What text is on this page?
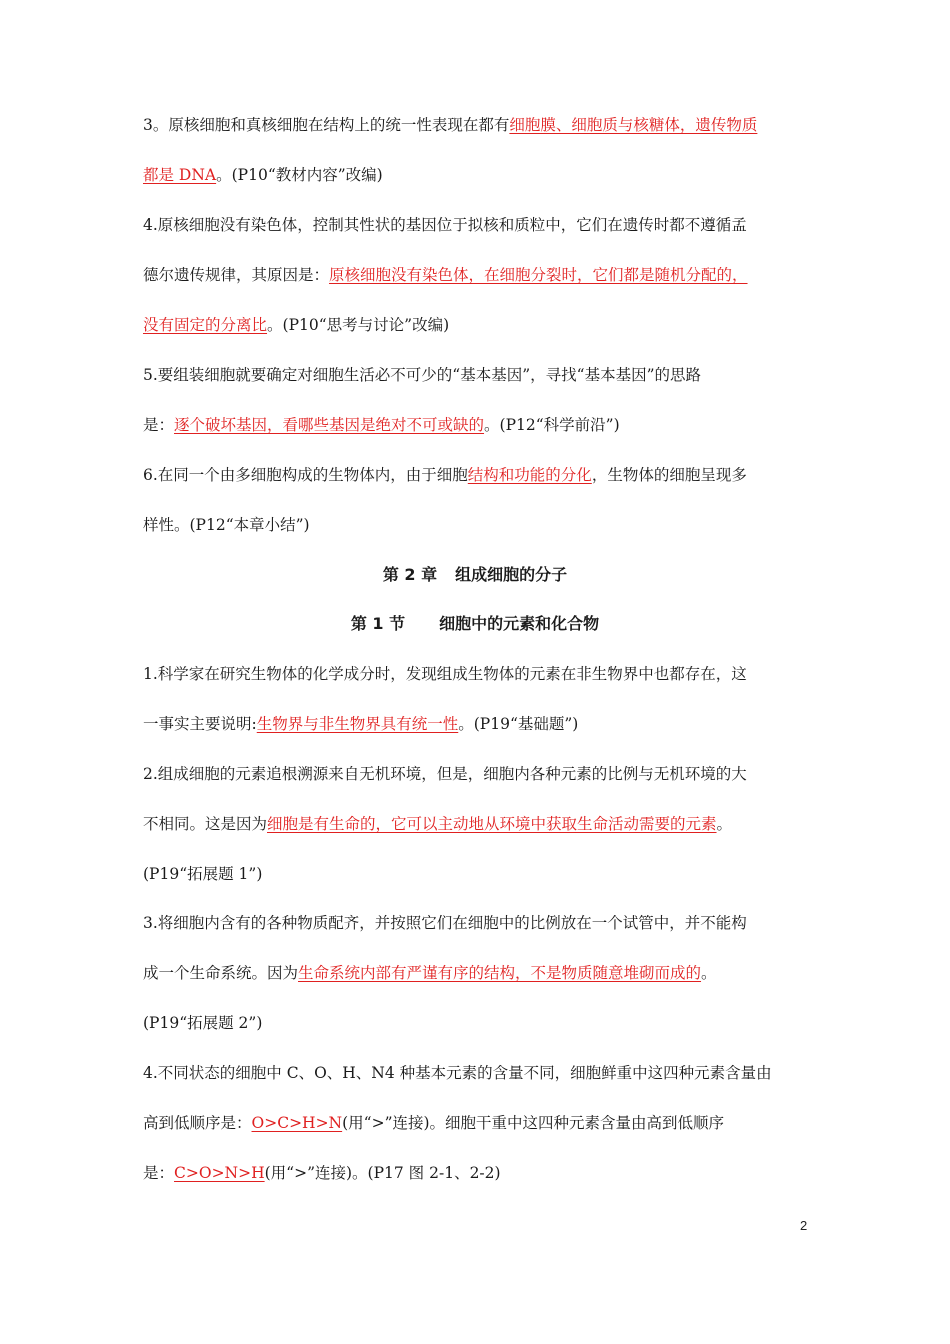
3。原核细胞和真核细胞在结构上的统一性表现在都有细胞膜、细胞质与核糖体，遗传物质
都是 DNA。(P10“教材内容”改编)
4.原核细胞没有染色体，控制其性状的基因位于拟核和质粒中，它们在遗传时都不遵循孟
德尔遗传规律，其原因是：原核细胞没有染色体，在细胞分裂时，它们都是随机分配的，
没有固定的分离比。(P10“思考与讨论”改编)
5.要组装细胞就要确定对细胞生活必不可少的“基本基因”，寻找“基本基因”的思路
是：逐个破坏基因，看哪些基因是绝对不可或缺的。(P12“科学前沿”)
6.在同一个由多细胞构成的生物体内，由于细胞结构和功能的分化，生物体的细胞呈现多
样性。(P12“本章小结”)
第 2 章 组成细胞的分子
第 1 节 细胞中的元素和化合物
1.科学家在研究生物体的化学成分时，发现组成生物体的元素在非生物界中也都存在，这
一事实主要说明:生物界与非生物界具有统一性。(P19“基础题”)
2.组成细胞的元素追根溯源来自无机环境，但是，细胞内各种元素的比例与无机环境的大
不相同。这是因为细胞是有生命的，它可以主动地从环境中获取生命活动需要的元素。
(P19“拓展题 1”)
3.将细胞内含有的各种物质配齐，并按照它们在细胞中的比例放在一个试管中，并不能构
成一个生命系统。因为生命系统内部有严谨有序的结构，不是物质随意堆砌而成的。
(P19“拓展题 2”)
4.不同状态的细胞中 C、O、H、N4 种基本元素的含量不同，细胞鲜重中这四种元素含量由
高到低顺序是：O>C>H>N(用“>”连接)。细胞干重中这四种元素含量由高到低顺序
是：C>O>N>H(用“>”连接)。(P17 图 2-1、2-2)
2
